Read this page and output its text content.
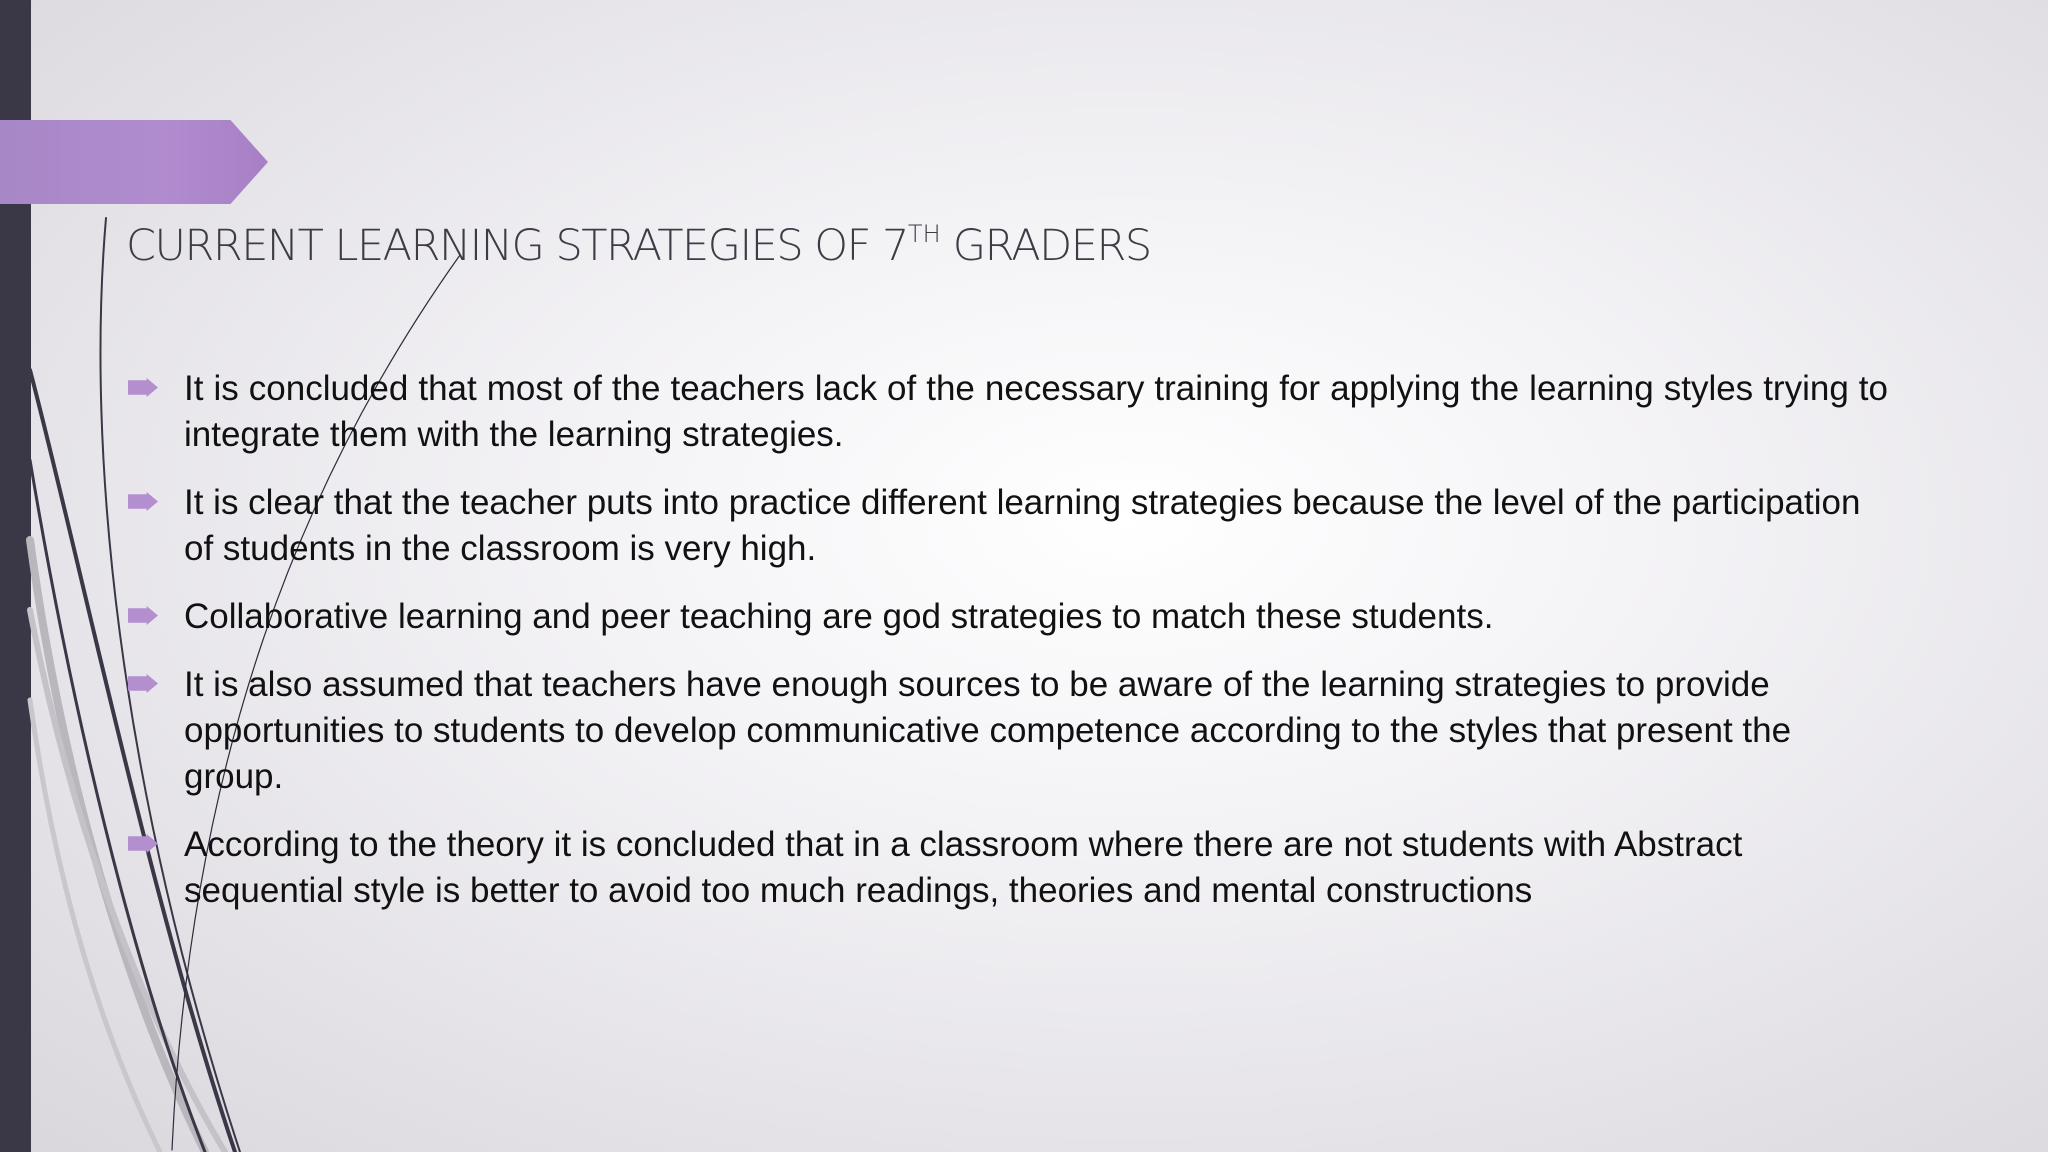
CURRENT LEARNING STRATEGIES OF 7TH GRADERS
It is concluded that most of the teachers lack of the necessary training for applying the learning styles trying to integrate them with the learning strategies.
It is clear that the teacher puts into practice different learning strategies because the level of the participation of students in the classroom is very high.
Collaborative learning and peer teaching are god strategies to match these students.
It is also assumed that teachers have enough sources to be aware of the learning strategies to provide opportunities to students to develop communicative competence according to the styles that present the group.
According to the theory it is concluded that in a classroom where there are not students with Abstract sequential style is better to avoid too much readings, theories and mental constructions
